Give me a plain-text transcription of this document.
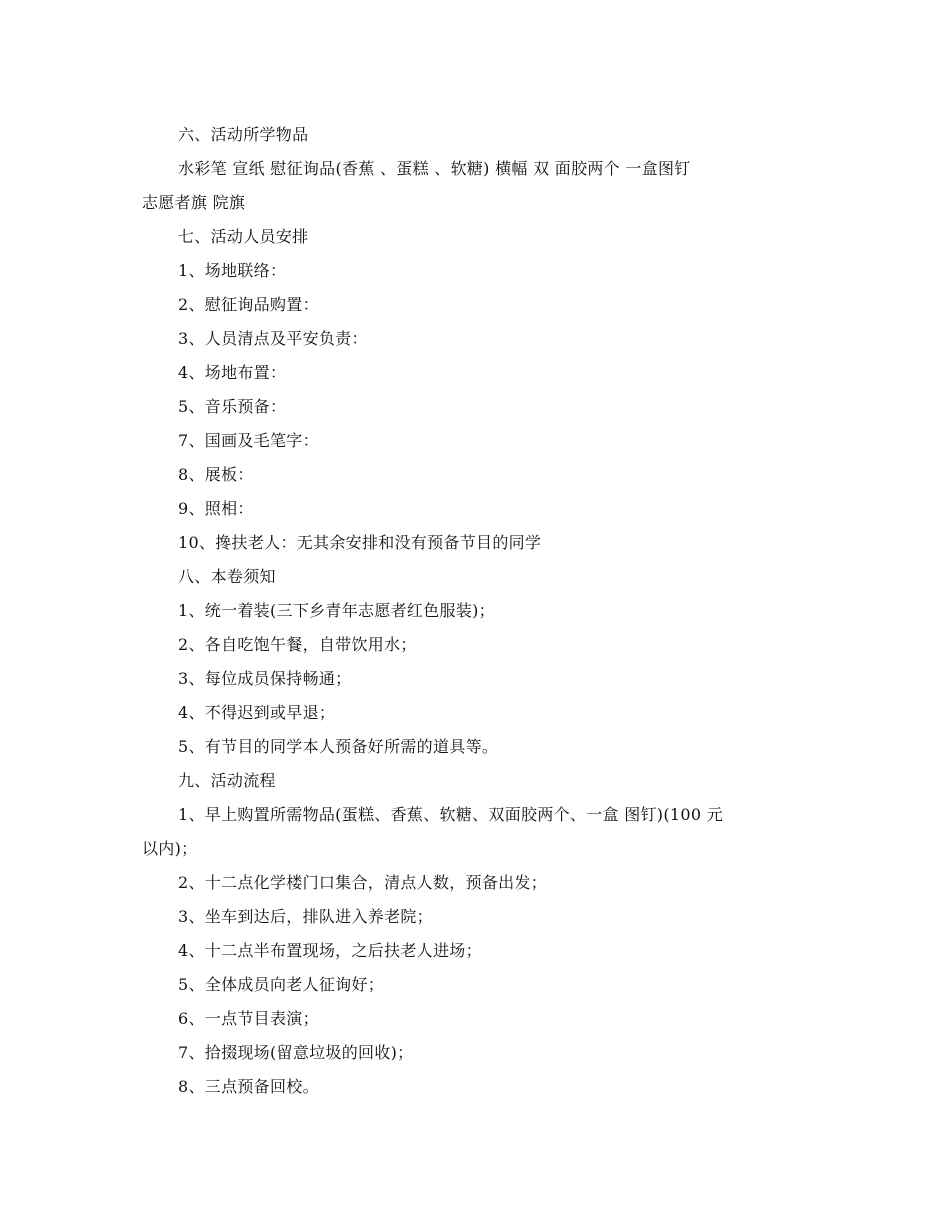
六、活动所学物品
水彩笔 宣纸 慰征询品(香蕉 、蛋糕 、软糖) 横幅 双 面胶两个 一盒图钉
志愿者旗 院旗
七、活动人员安排
1、场地联络：
2、慰征询品购置：
3、人员清点及平安负责：
4、场地布置：
5、音乐预备：
7、国画及毛笔字：
8、展板：
9、照相：
10、搀扶老人：无其余安排和没有预备节目的同学
八、本卷须知
1、统一着装(三下乡青年志愿者红色服装)；
2、各自吃饱午餐，自带饮用水；
3、每位成员保持畅通；
4、不得迟到或早退；
5、有节目的同学本人预备好所需的道具等。
九、活动流程
1、早上购置所需物品(蛋糕、香蕉、软糖、双面胶两个、一盒 图钉)(100 元
以内)；
2、十二点化学楼门口集合，清点人数，预备出发；
3、坐车到达后，排队进入养老院；
4、十二点半布置现场，之后扶老人进场；
5、全体成员向老人征询好；
6、一点节目表演；
7、拾掇现场(留意垃圾的回收)；
8、三点预备回校。
